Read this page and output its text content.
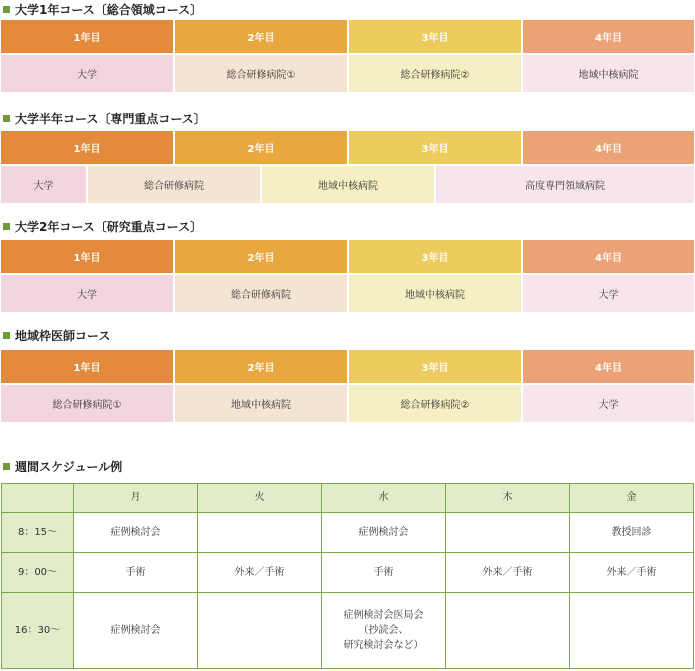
大学1年コース〔総合領域コース〕
1年目	2年目	3年目	4年目
大学	総合研修病院①	総合研修病院②	地域中核病院
大学半年コース〔専門重点コース〕
1年目	2年目	3年目	4年目
大学	総合研修病院	地域中核病院	高度専門領域病院
大学2年コース〔研究重点コース〕
1年目	2年目	3年目	4年目
大学	総合研修病院	地域中核病院	大学
地域枠医師コース
1年目	2年目	3年目	4年目
総合研修病院①	地域中核病院	総合研修病院②	大学
週間スケジュール例
	月	火	水	木	金
8：15〜	症例検討会		症例検討会		教授回診
9：00〜	手術	外来／手術	手術	外来／手術	外来／手術
16：30〜	症例検討会		症例検討会医局会
（抄読会、
研究検討会など）		
